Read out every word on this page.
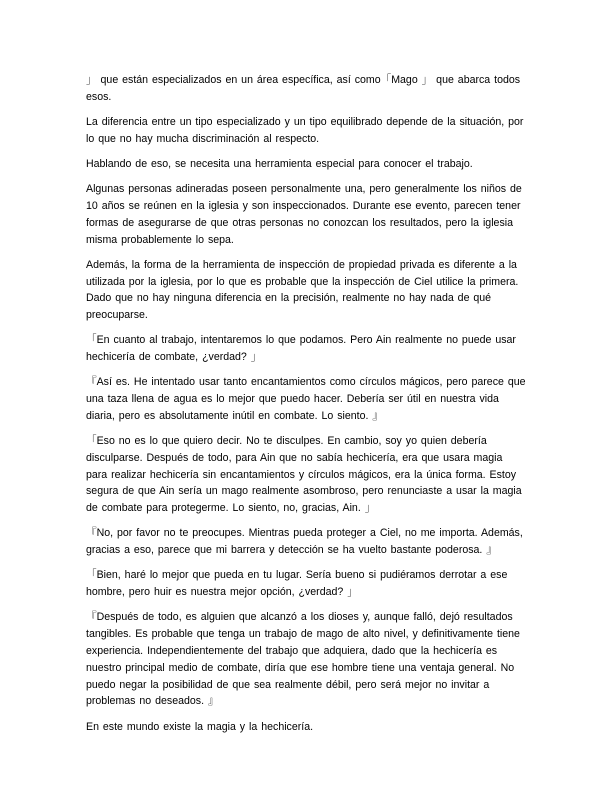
」 que están especializados en un área específica, así como「Mago 」 que abarca todos esos.

La diferencia entre un tipo especializado y un tipo equilibrado depende de la situación, por lo que no hay mucha discriminación al respecto.

Hablando de eso, se necesita una herramienta especial para conocer el trabajo.

Algunas personas adineradas poseen personalmente una, pero generalmente los niños de 10 años se reúnen en la iglesia y son inspeccionados. Durante ese evento, parecen tener formas de asegurarse de que otras personas no conozcan los resultados, pero la iglesia misma probablemente lo sepa.

Además, la forma de la herramienta de inspección de propiedad privada es diferente a la utilizada por la iglesia, por lo que es probable que la inspección de Ciel utilice la primera. Dado que no hay ninguna diferencia en la precisión, realmente no hay nada de qué preocuparse.

「En cuanto al trabajo, intentaremos lo que podamos. Pero Ain realmente no puede usar hechicería de combate, ¿verdad? 」

『Así es. He intentado usar tanto encantamientos como círculos mágicos, pero parece que una taza llena de agua es lo mejor que puedo hacer. Debería ser útil en nuestra vida diaria, pero es absolutamente inútil en combate. Lo siento. 』

「Eso no es lo que quiero decir. No te disculpes. En cambio, soy yo quien debería disculparse. Después de todo, para Ain que no sabía hechicería, era que usara magia para realizar hechicería sin encantamientos y círculos mágicos, era la única forma. Estoy segura de que Ain sería un mago realmente asombroso, pero renunciaste a usar la magia de combate para protegerme. Lo siento, no, gracias, Ain. 」

『No, por favor no te preocupes. Mientras pueda proteger a Ciel, no me importa. Además, gracias a eso, parece que mi barrera y detección se ha vuelto bastante poderosa. 』

「Bien, haré lo mejor que pueda en tu lugar. Sería bueno si pudiéramos derrotar a ese hombre, pero huir es nuestra mejor opción, ¿verdad? 」

『Después de todo, es alguien que alcanzó a los dioses y, aunque falló, dejó resultados tangibles. Es probable que tenga un trabajo de mago de alto nivel, y definitivamente tiene experiencia. Independientemente del trabajo que adquiera, dado que la hechicería es nuestro principal medio de combate, diría que ese hombre tiene una ventaja general. No puedo negar la posibilidad de que sea realmente débil, pero será mejor no invitar a problemas no deseados. 』

En este mundo existe la magia y la hechicería.
